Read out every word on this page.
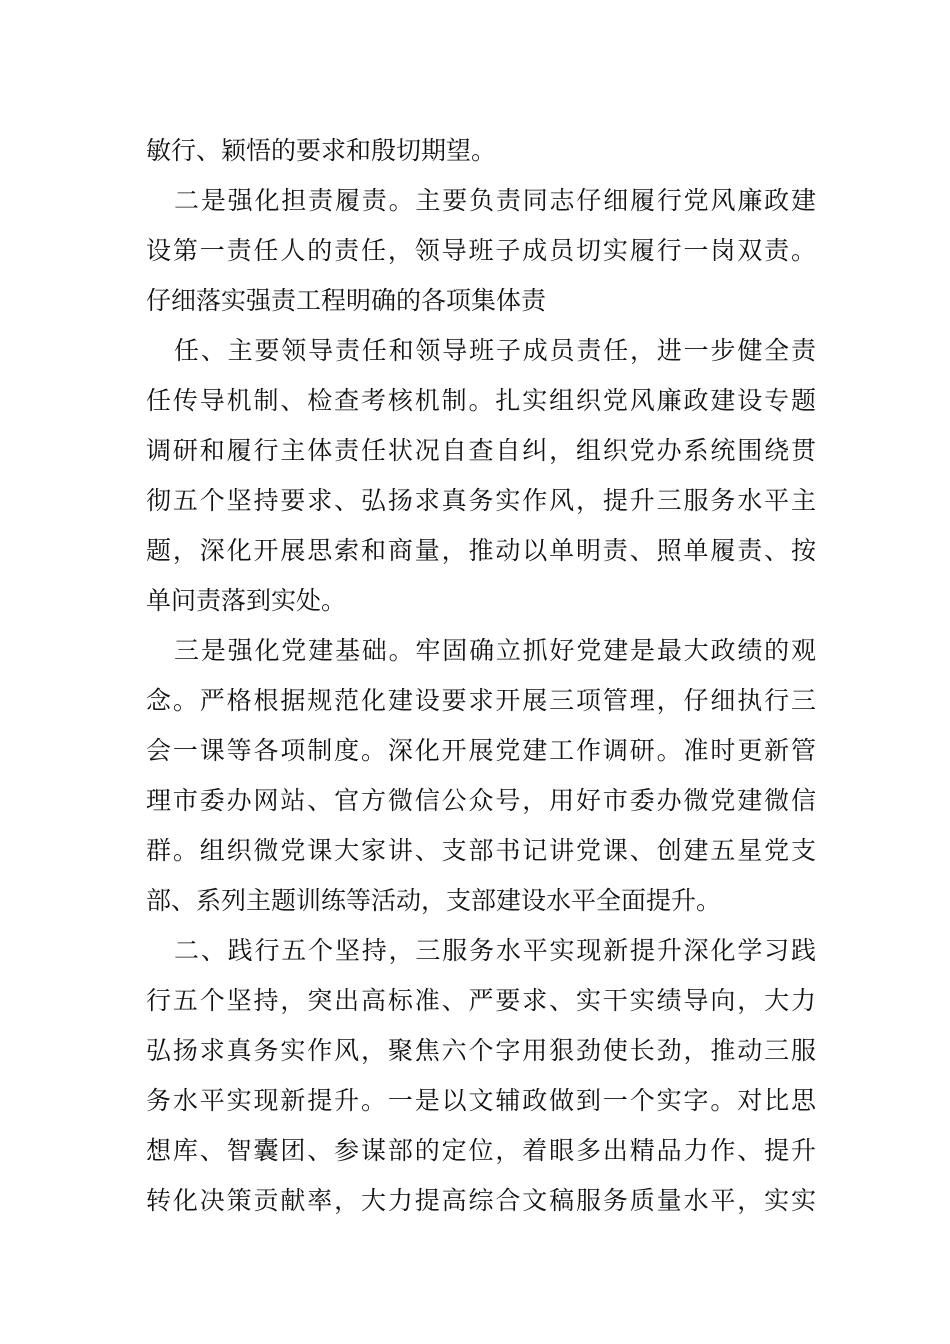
敏行、颖悟的要求和殷切期望。

二是强化担责履责。主要负责同志仔细履行党风廉政建

设第一责任人的责任，领导班子成员切实履行一岗双责。

仔细落实强责工程明确的各项集体责

任、主要领导责任和领导班子成员责任，进一步健全责

任传导机制、检查考核机制。扎实组织党风廉政建设专题

调研和履行主体责任状况自查自纠，组织党办系统围绕贯

彻五个坚持要求、弘扬求真务实作风，提升三服务水平主

题，深化开展思索和商量，推动以单明责、照单履责、按

单问责落到实处。

三是强化党建基础。牢固确立抓好党建是最大政绩的观

念。严格根据规范化建设要求开展三项管理，仔细执行三

会一课等各项制度。深化开展党建工作调研。准时更新管

理市委办网站、官方微信公众号，用好市委办微党建微信

群。组织微党课大家讲、支部书记讲党课、创建五星党支

部、系列主题训练等活动，支部建设水平全面提升。

二、践行五个坚持，三服务水平实现新提升深化学习践

行五个坚持，突出高标准、严要求、实干实绩导向，大力

弘扬求真务实作风，聚焦六个字用狠劲使长劲，推动三服

务水平实现新提升。一是以文辅政做到一个实字。对比思

想库、智囊团、参谋部的定位，着眼多出精品力作、提升

转化决策贡献率，大力提高综合文稿服务质量水平，实实
